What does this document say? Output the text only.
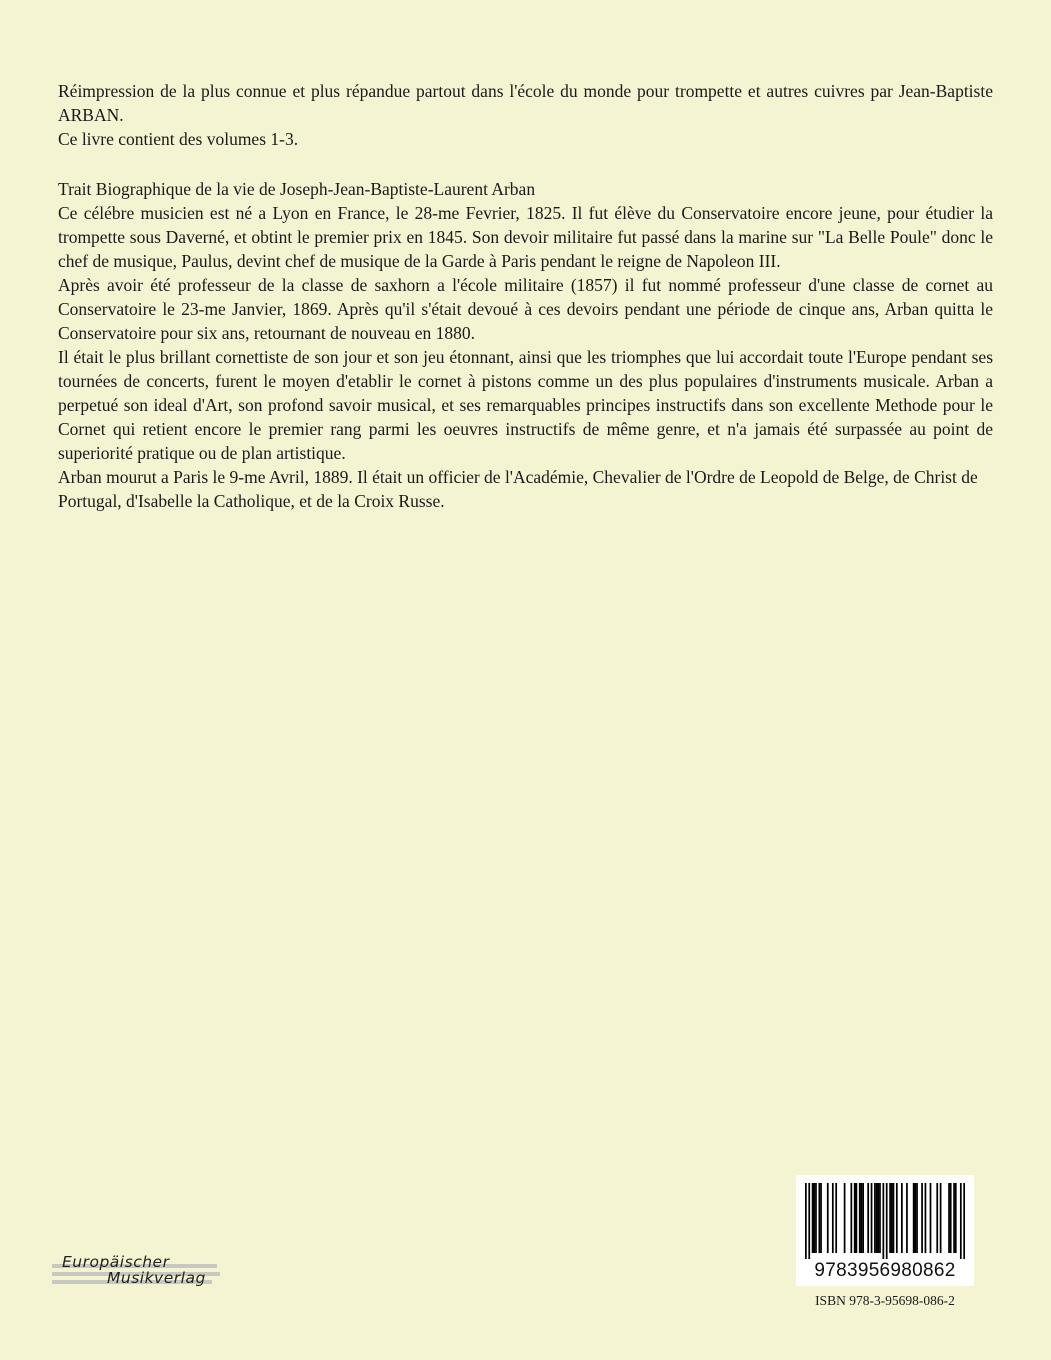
Réimpression de la plus connue et plus répandue partout dans l'école du monde pour trompette et autres cuivres par Jean-Baptiste ARBAN.

Ce livre contient des volumes 1-3.

Trait Biographique de la vie de Joseph-Jean-Baptiste-Laurent Arban

Ce célébre musicien est né a Lyon en France, le 28-me Fevrier, 1825. Il fut élève du Conservatoire encore jeune, pour étudier la trompette sous Daverné, et obtint le premier prix en 1845. Son devoir militaire fut passé dans la marine sur "La Belle Poule" donc le chef de musique, Paulus, devint chef de musique de la Garde à Paris pendant le reigne de Napoleon III.

Après avoir été professeur de la classe de saxhorn a l'école militaire (1857) il fut nommé professeur d'une classe de cornet au Conservatoire le 23-me Janvier, 1869. Après qu'il s'était devoué à ces devoirs pendant une période de cinque ans, Arban quitta le Conservatoire pour six ans, retournant de nouveau en 1880.

Il était le plus brillant cornettiste de son jour et son jeu étonnant, ainsi que les triomphes que lui accordait toute l'Europe pendant ses tournées de concerts, furent le moyen d'etablir le cornet à pistons comme un des plus populaires d'instruments musicale. Arban a perpetué son ideal d'Art, son profond savoir musical, et ses remarquables principes instructifs dans son excellente Methode pour le Cornet qui retient encore le premier rang parmi les oeuvres instructifs de même genre, et n'a jamais été surpassée au point de superiorité pratique ou de plan artistique.

Arban mourut a Paris le 9-me Avril, 1889. Il était un officier de l'Académie, Chevalier de l'Ordre de Leopold de Belge, de Christ de

Portugal, d'Isabelle la Catholique, et de la Croix Russe.

Europäischer
Musikverlag	9783956980862
ISBN 978-3-95698-086-2
